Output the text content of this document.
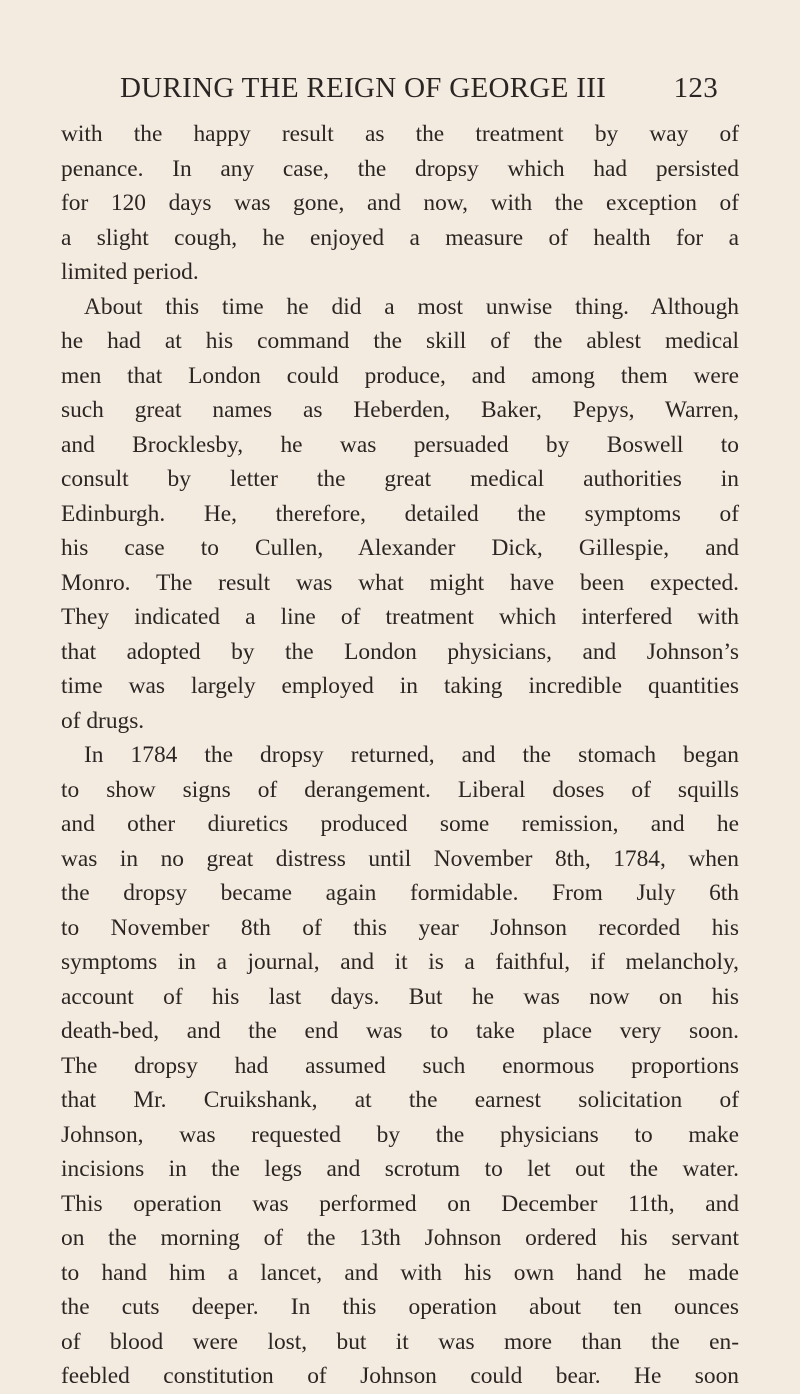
DURING THE REIGN OF GEORGE III 123
with the happy result as the treatment by way of
penance. In any case, the dropsy which had persisted
for 120 days was gone, and now, with the exception of
a slight cough, he enjoyed a measure of health for a
limited period.
About this time he did a most unwise thing. Although
he had at his command the skill of the ablest medical
men that London could produce, and among them were
such great names as Heberden, Baker, Pepys, Warren,
and Brocklesby, he was persuaded by Boswell to
consult by letter the great medical authorities in
Edinburgh. He, therefore, detailed the symptoms of
his case to Cullen, Alexander Dick, Gillespie, and
Monro. The result was what might have been expected.
They indicated a line of treatment which interfered with
that adopted by the London physicians, and Johnson’s
time was largely employed in taking incredible quantities
of drugs.
In 1784 the dropsy returned, and the stomach began
to show signs of derangement. Liberal doses of squills
and other diuretics produced some remission, and he
was in no great distress until November 8th, 1784, when
the dropsy became again formidable. From July 6th
to November 8th of this year Johnson recorded his
symptoms in a journal, and it is a faithful, if melancholy,
account of his last days. But he was now on his
death-bed, and the end was to take place very soon.
The dropsy had assumed such enormous proportions
that Mr. Cruikshank, at the earnest solicitation of
Johnson, was requested by the physicians to make
incisions in the legs and scrotum to let out the water.
This operation was performed on December 11th, and
on the morning of the 13th Johnson ordered his servant
to hand him a lancet, and with his own hand he made
the cuts deeper. In this operation about ten ounces
of blood were lost, but it was more than the en-
feebled constitution of Johnson could bear. He soon
